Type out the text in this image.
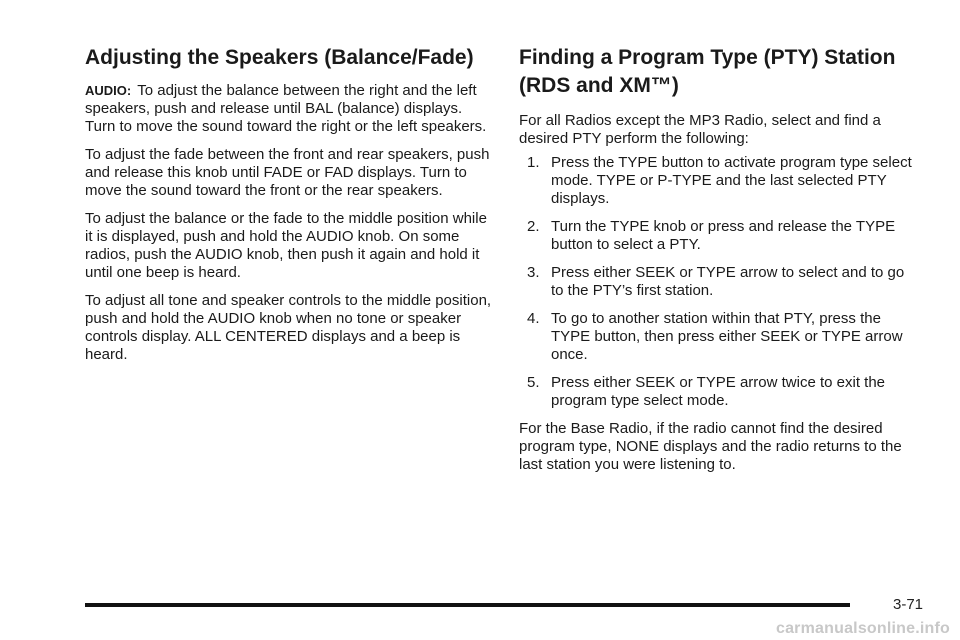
Adjusting the Speakers (Balance/Fade)

AUDIO: To adjust the balance between the right and the left speakers, push and release until BAL (balance) displays. Turn to move the sound toward the right or the left speakers.

To adjust the fade between the front and rear speakers, push and release this knob until FADE or FAD displays. Turn to move the sound toward the front or the rear speakers.

To adjust the balance or the fade to the middle position while it is displayed, push and hold the AUDIO knob. On some radios, push the AUDIO knob, then push it again and hold it until one beep is heard.

To adjust all tone and speaker controls to the middle position, push and hold the AUDIO knob when no tone or speaker controls display. ALL CENTERED displays and a beep is heard.

Finding a Program Type (PTY) Station (RDS and XM™)

For all Radios except the MP3 Radio, select and find a desired PTY perform the following:

1. Press the TYPE button to activate program type select mode. TYPE or P-TYPE and the last selected PTY displays.
2. Turn the TYPE knob or press and release the TYPE button to select a PTY.
3. Press either SEEK or TYPE arrow to select and to go to the PTY’s first station.
4. To go to another station within that PTY, press the TYPE button, then press either SEEK or TYPE arrow once.
5. Press either SEEK or TYPE arrow twice to exit the program type select mode.

For the Base Radio, if the radio cannot find the desired program type, NONE displays and the radio returns to the last station you were listening to.

3-71
carmanualsonline.info
